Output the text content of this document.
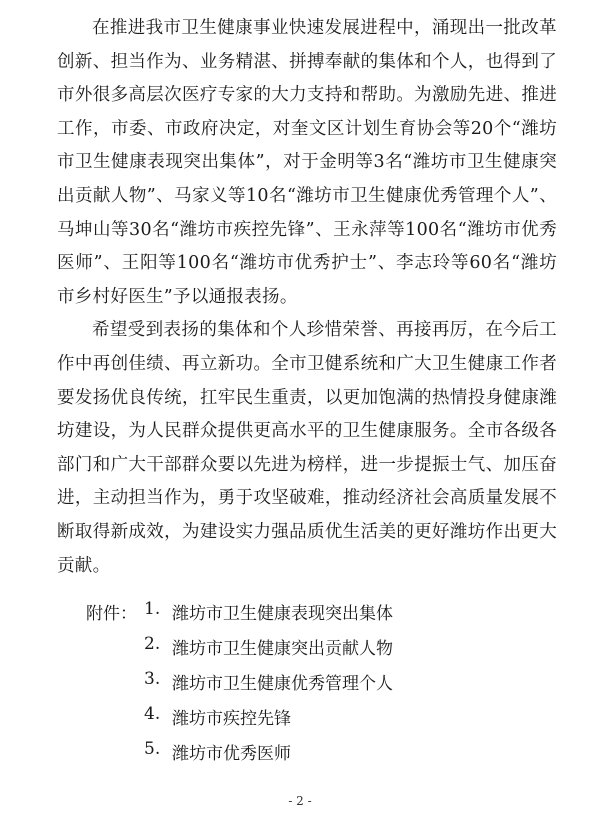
在推进我市卫生健康事业快速发展进程中，涌现出一批改革创新、担当作为、业务精湛、拼搏奉献的集体和个人，也得到了市外很多高层次医疗专家的大力支持和帮助。为激励先进、推进工作，市委、市政府决定，对奎文区计划生育协会等20个“潍坊市卫生健康表现突出集体”，对于金明等3名“潍坊市卫生健康突出贡献人物”、马家义等10名“潍坊市卫生健康优秀管理个人”、马坤山等30名“潍坊市疾控先锋”、王永萍等100名“潍坊市优秀医师”、王阳等100名“潍坊市优秀护士”、李志玲等60名“潍坊市乡村好医生”予以通报表扬。

希望受到表扬的集体和个人珍惜荣誉、再接再厉，在今后工作中再创佳绩、再立新功。全市卫健系统和广大卫生健康工作者要发扬优良传统，扛牢民生重责，以更加饱满的热情投身健康潍坊建设，为人民群众提供更高水平的卫生健康服务。全市各级各部门和广大干部群众要以先进为榜样，进一步提振士气、加压奋进，主动担当作为，勇于攻坚破难，推动经济社会高质量发展不断取得新成效，为建设实力强品质优生活美的更好潍坊作出更大贡献。

附件： 1. 潍坊市卫生健康表现突出集体
2. 潍坊市卫生健康突出贡献人物
3. 潍坊市卫生健康优秀管理个人
4. 潍坊市疾控先锋
5. 潍坊市优秀医师
- 2 -
